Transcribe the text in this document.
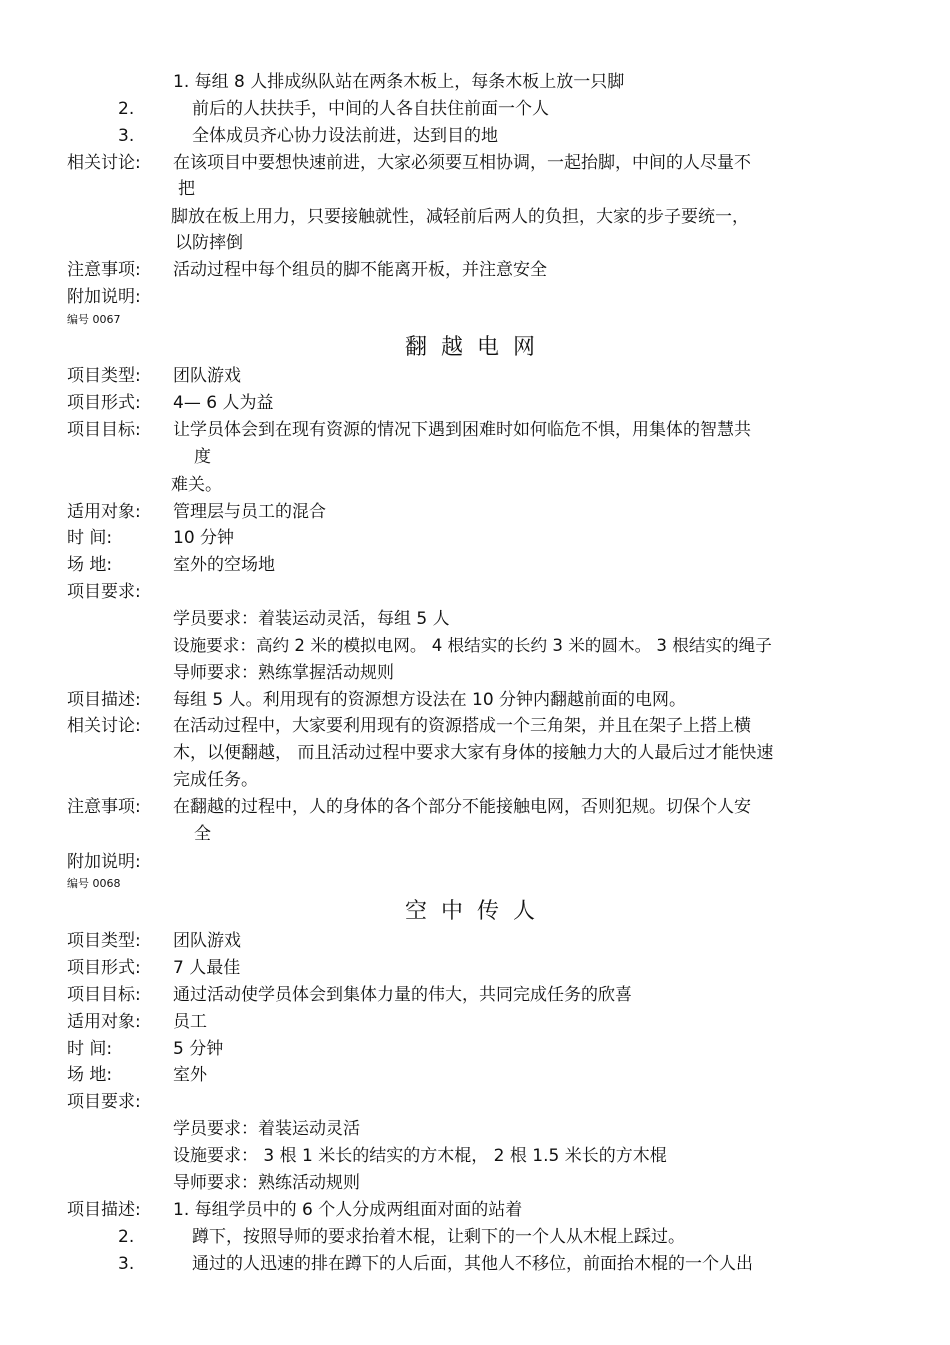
1. 每组 8 人排成纵队站在两条木板上，每条木板上放一只脚
2.	前后的人扶扶手，中间的人各自扶住前面一个人
3.	全体成员齐心协力设法前进，达到目的地
相关讨论: 在该项目中要想快速前进，大家必须要互相协调，一起抬脚，中间的人尽量不
把
脚放在板上用力，只要接触就性，减轻前后两人的负担，大家的步子要统一，
以防摔倒
注意事项: 活动过程中每个组员的脚不能离开板，并注意安全
附加说明:
编号 0067
翻越电网
项目类型: 团队游戏
项目形式: 4— 6 人为益
项目目标: 让学员体会到在现有资源的情况下遇到困难时如何临危不惧，用集体的智慧共
度
难关。
适用对象: 管理层与员工的混合
时 间:	10 分钟
场 地:	室外的空场地
项目要求:
学员要求：着装运动灵活，每组 5 人
设施要求：高约 2 米的模拟电网。 4 根结实的长约 3 米的圆木。 3 根结实的绳子
导师要求：熟练掌握活动规则
项目描述: 每组 5 人。利用现有的资源想方设法在 10 分钟内翻越前面的电网。
相关讨论: 在活动过程中，大家要利用现有的资源搭成一个三角架，并且在架子上搭上横
木，以便翻越， 而且活动过程中要求大家有身体的接触力大的人最后过才能快速
完成任务。
注意事项: 在翻越的过程中，人的身体的各个部分不能接触电网，否则犯规。切保个人安
全
附加说明:
编号 0068
空中传人
项目类型: 团队游戏
项目形式: 7 人最佳
项目目标: 通过活动使学员体会到集体力量的伟大，共同完成任务的欣喜
适用对象: 员工
时 间:	5 分钟
场 地:	室外
项目要求:
学员要求：着装运动灵活
设施要求： 3 根 1 米长的结实的方木棍， 2 根 1.5 米长的方木棍
导师要求：熟练活动规则
项目描述: 1. 每组学员中的 6 个人分成两组面对面的站着
2.	蹲下，按照导师的要求抬着木棍，让剩下的一个人从木棍上踩过。
3.	通过的人迅速的排在蹲下的人后面，其他人不移位，前面抬木棍的一个人出
